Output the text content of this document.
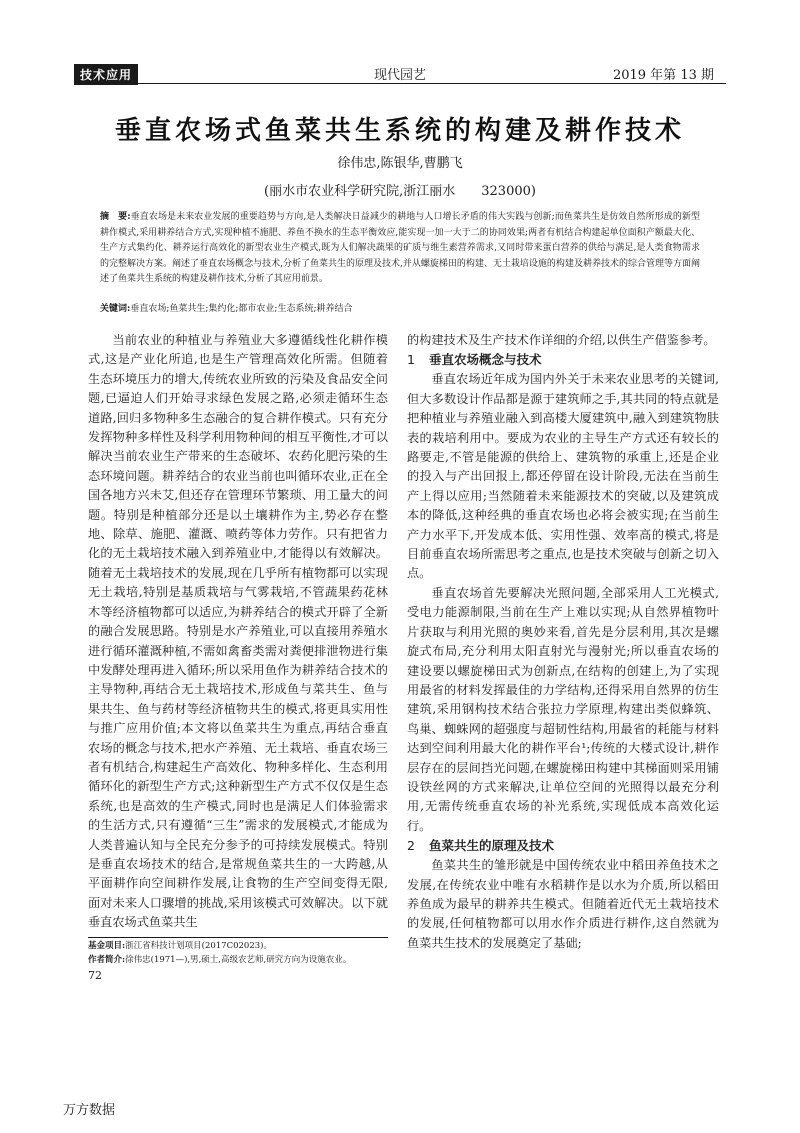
技术应用	现代园艺	2019 年第 13 期
垂直农场式鱼菜共生系统的构建及耕作技术
徐伟忠,陈银华,曹鹏飞
(丽水市农业科学研究院,浙江丽水　　323000)
摘　要:垂直农场是未来农业发展的重要趋势与方向,是人类解决日益减少的耕地与人口增长矛盾的伟大实践与创新;而鱼菜共生是仿效自然所形成的新型耕作模式,采用耕养结合方式,实现种植不施肥、养鱼不换水的生态平衡效应,能实现一加一大于二的协同效果;两者有机结合构建起单位面积产额最大化、生产方式集约化、耕养运行高效化的新型农业生产模式,既为人们解决蔬果的矿质与维生素营养需求,又同时带来蛋白营养的供给与满足,是人类食物需求的完整解决方案。阐述了垂直农场概念与技术,分析了鱼菜共生的原理及技术,并从螺旋梯田的构建、无土栽培设施的构建及耕养技术的综合管理等方面阐述了鱼菜共生系统的构建及耕作技术,分析了其应用前景。
关键词:垂直农场;鱼菜共生;集约化;都市农业;生态系统;耕养结合

当前农业的种植业与养殖业大多遵循线性化耕作模式,这是产业化所追,也是生产管理高效化所需。但随着生态环境压力的增大,传统农业所致的污染及食品安全问题,已逼迫人们开始寻求绿色发展之路,必须走循环生态道路,回归多物种多生态融合的复合耕作模式。只有充分发挥物种多样性及科学利用物种间的相互平衡性,才可以解决当前农业生产带来的生态破坏、农药化肥污染的生态环境问题。耕养结合的农业当前也叫循环农业,正在全国各地方兴未艾,但还存在管理环节繁琐、用工量大的问题。特别是种植部分还是以土壤耕作为主,势必存在整地、除草、施肥、灌溉、喷药等体力劳作。只有把省力化的无土栽培技术融入到养殖业中,才能得以有效解决。随着无土栽培技术的发展,现在几乎所有植物都可以实现无土栽培,特别是基质栽培与气雾栽培,不管蔬果药花林木等经济植物都可以适应,为耕养结合的模式开辟了全新的融合发展思路。特别是水产养殖业,可以直接用养殖水进行循环灌溉种植,不需如禽畜类需对粪便排泄物进行集中发酵处理再进入循环;所以采用鱼作为耕养结合技术的主导物种,再结合无土栽培技术,形成鱼与菜共生、鱼与果共生、鱼与药材等经济植物共生的模式,将更具实用性与推广应用价值;本文将以鱼菜共生为重点,再结合垂直农场的概念与技术,把水产养殖、无土栽培、垂直农场三者有机结合,构建起生产高效化、物种多样化、生态利用循环化的新型生产方式;这种新型生产方式不仅仅是生态系统,也是高效的生产模式,同时也是满足人们体验需求的生活方式,只有遵循“三生”需求的发展模式,才能成为人类普遍认知与全民充分参予的可持续发展模式。特别是垂直农场技术的结合,是常规鱼菜共生的一大跨越,从平面耕作向空间耕作发展,让食物的生产空间变得无限,面对未来人口骤增的挑战,采用该模式可效解决。以下就垂直农场式鱼菜共生

的构建技术及生产技术作详细的介绍,以供生产借鉴参考。

1 垂直农场概念与技术

垂直农场近年成为国内外关于未来农业思考的关键词,但大多数设计作品都是源于建筑师之手,其共同的特点就是把种植业与养殖业融入到高楼大厦建筑中,融入到建筑物肤表的栽培利用中。要成为农业的主导生产方式还有较长的路要走,不管是能源的供给上、建筑物的承重上,还是企业的投入与产出回报上,都还停留在设计阶段,无法在当前生产上得以应用;当然随着未来能源技术的突破,以及建筑成本的降低,这种经典的垂直农场也必将会被实现;在当前生产力水平下,开发成本低、实用性强、效率高的模式,将是目前垂直农场所需思考之重点,也是技术突破与创新之切入点。

垂直农场首先要解决光照问题,全部采用人工光模式,受电力能源制限,当前在生产上难以实现;从自然界植物叶片获取与利用光照的奥妙来看,首先是分层利用,其次是螺旋式布局,充分利用太阳直射光与漫射光;所以垂直农场的建设要以螺旋梯田式为创新点,在结构的创建上,为了实现用最省的材料发挥最佳的力学结构,还得采用自然界的仿生建筑,采用钢构技术结合张拉力学原理,构建出类似蜂筑、鸟巢、蜘蛛网的超强度与超韧性结构,用最省的耗能与材料达到空间利用最大化的耕作平台¹;传统的大楼式设计,耕作层存在的层间挡光问题,在螺旋梯田构建中其梯面则采用铺设铁丝网的方式来解决,让单位空间的光照得以最充分利用,无需传统垂直农场的补光系统,实现低成本高效化运行。

2 鱼菜共生的原理及技术

鱼菜共生的雏形就是中国传统农业中稻田养鱼技术之发展,在传统农业中唯有水稻耕作是以水为介质,所以稻田养鱼成为最早的耕养共生模式。但随着近代无土栽培技术的发展,任何植物都可以用水作介质进行耕作,这自然就为鱼菜共生技术的发展奠定了基础;

基金项目:浙江省科技计划项目(2017C02023)。
作者简介:徐伟忠(1971—),男,硕士,高级农艺师,研究方向为设施农业。
72
万方数据
